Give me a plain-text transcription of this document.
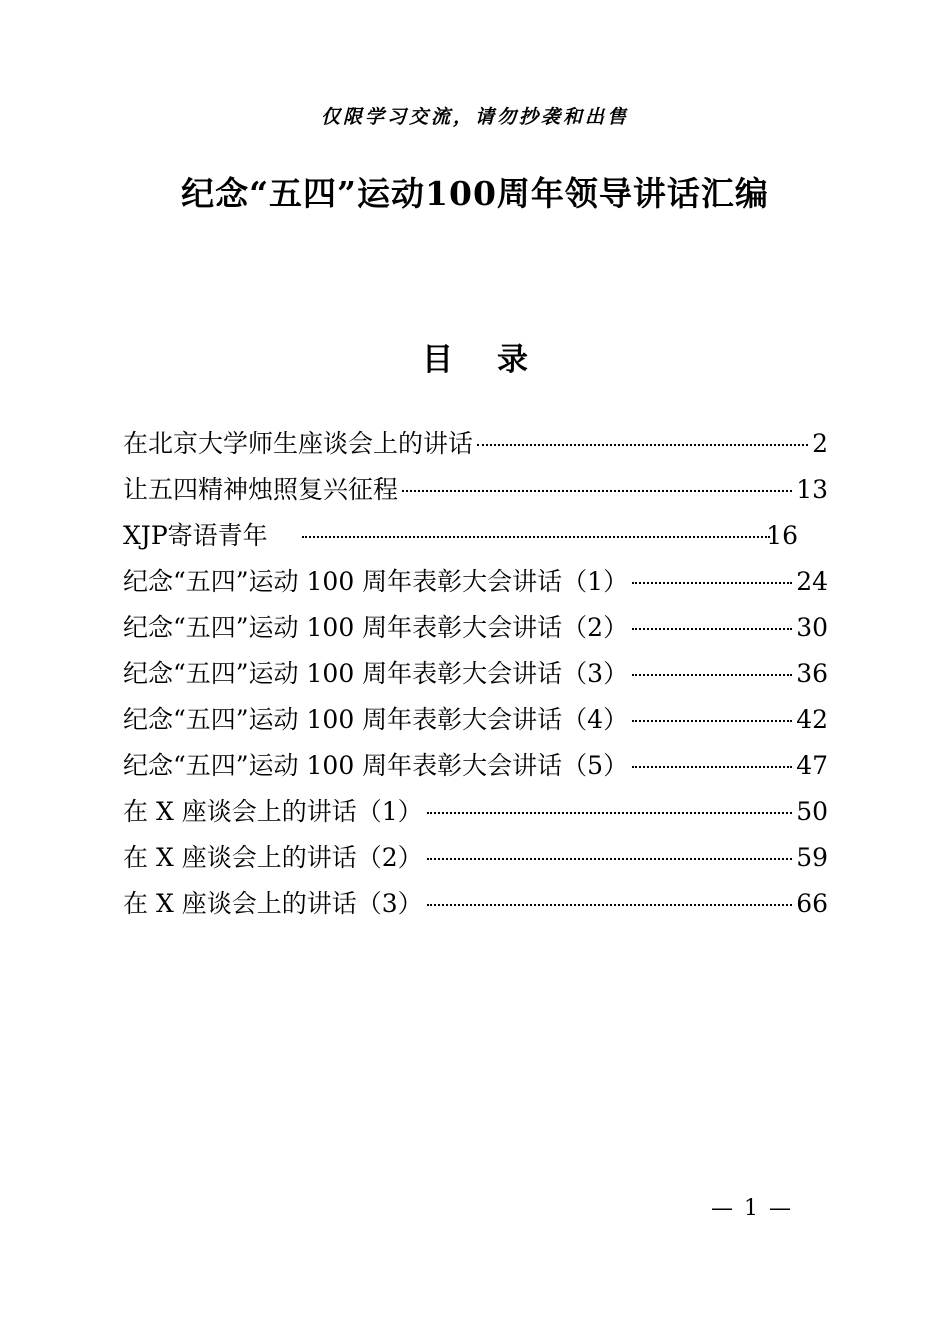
仅限学习交流，请勿抄袭和出售
纪念“五四”运动100周年领导讲话汇编
目 录
在北京大学师生座谈会上的讲话	2
让五四精神烛照复兴征程	13
XJP寄语青年	16
纪念“五四”运动 100 周年表彰大会讲话（1）	24
纪念“五四”运动 100 周年表彰大会讲话（2）	30
纪念“五四”运动 100 周年表彰大会讲话（3）	36
纪念“五四”运动 100 周年表彰大会讲话（4）	42
纪念“五四”运动 100 周年表彰大会讲话（5）	47
在 X 座谈会上的讲话（1）	50
在 X 座谈会上的讲话（2）	59
在 X 座谈会上的讲话（3）	66
— 1 —
